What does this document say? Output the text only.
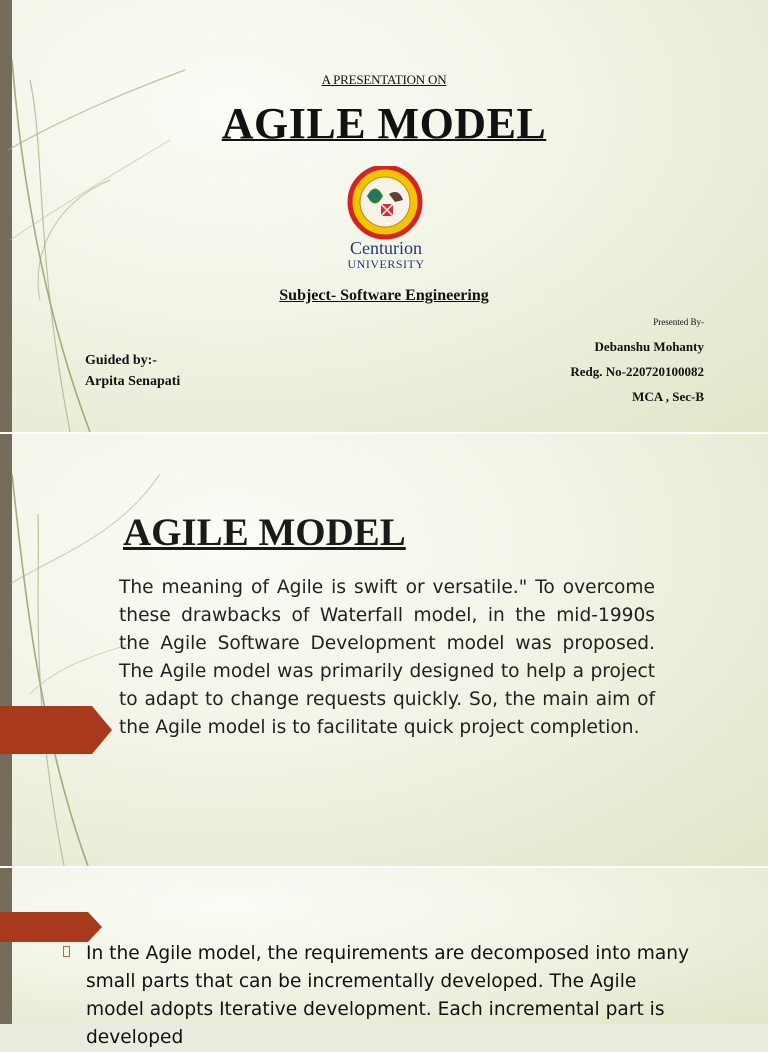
A PRESENTATION ON
AGILE MODEL
Centurion
UNIVERSITY
Subject- Software Engineering
Guided by:-
Arpita Senapati
Presented By-
Debanshu Mohanty
Redg. No-220720100082
MCA , Sec-B
AGILE MODEL
The meaning of Agile is swift or versatile." To overcome these drawbacks of Waterfall model, in the mid-1990s the Agile Software Development model was proposed. The Agile model was primarily designed to help a project to adapt to change requests quickly. So, the main aim of the Agile model is to facilitate quick project completion.
In the Agile model, the requirements are decomposed into many small parts that can be incrementally developed. The Agile model adopts Iterative development. Each incremental part is developed
